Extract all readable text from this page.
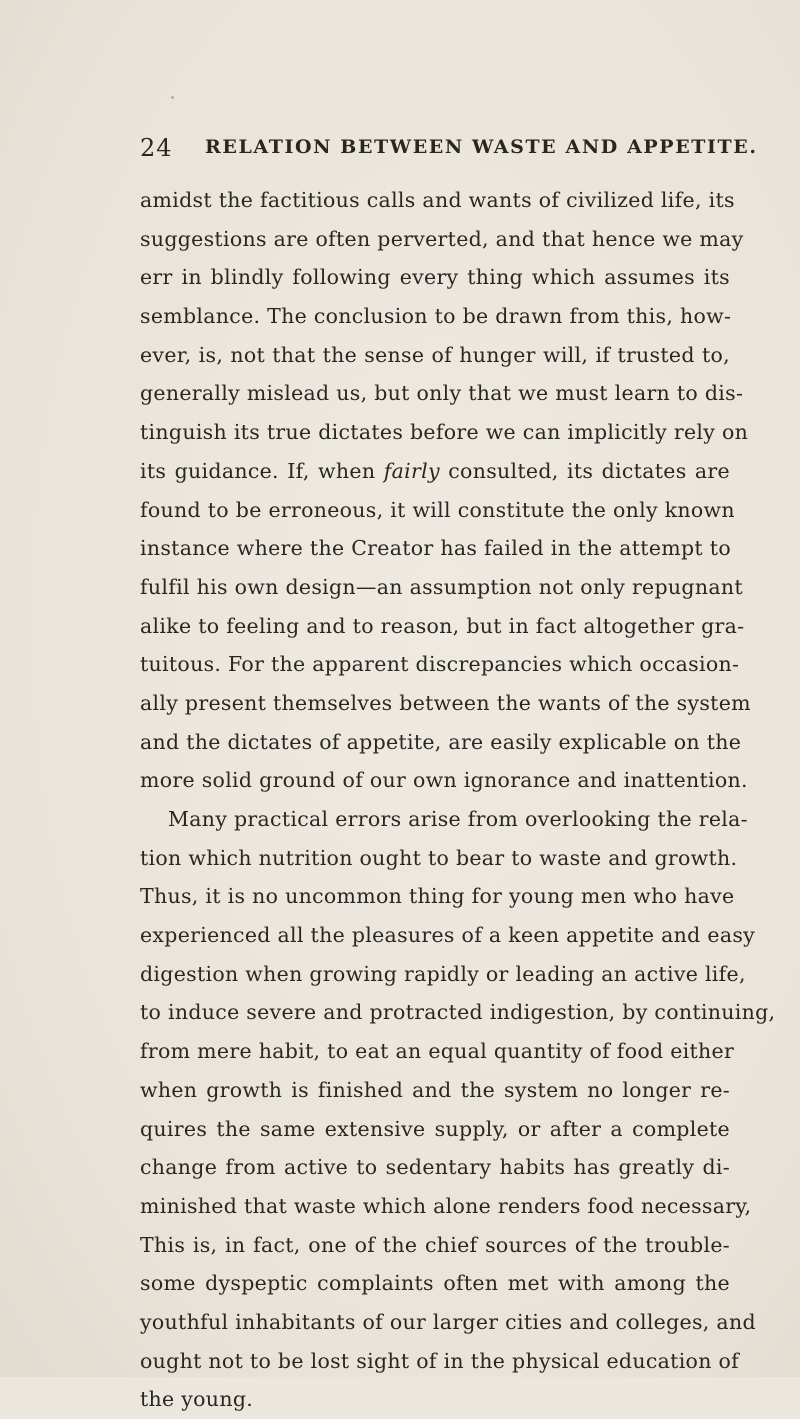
24 RELATION BETWEEN WASTE AND APPETITE.
amidst the factitious calls and wants of civilized life, its
suggestions are often perverted, and that hence we may
err in blindly following every thing which assumes its
semblance. The conclusion to be drawn from this, how-
ever, is, not that the sense of hunger will, if trusted to,
generally mislead us, but only that we must learn to dis-
tinguish its true dictates before we can implicitly rely on
its guidance. If, when fairly consulted, its dictates are
found to be erroneous, it will constitute the only known
instance where the Creator has failed in the attempt to
fulfil his own design—an assumption not only repugnant
alike to feeling and to reason, but in fact altogether gra-
tuitous. For the apparent discrepancies which occasion-
ally present themselves between the wants of the system
and the dictates of appetite, are easily explicable on the
more solid ground of our own ignorance and inattention.
Many practical errors arise from overlooking the rela-
tion which nutrition ought to bear to waste and growth.
Thus, it is no uncommon thing for young men who have
experienced all the pleasures of a keen appetite and easy
digestion when growing rapidly or leading an active life,
to induce severe and protracted indigestion, by continuing,
from mere habit, to eat an equal quantity of food either
when growth is finished and the system no longer re-
quires the same extensive supply, or after a complete
change from active to sedentary habits has greatly di-
minished that waste which alone renders food necessary,
This is, in fact, one of the chief sources of the trouble-
some dyspeptic complaints often met with among the
youthful inhabitants of our larger cities and colleges, and
ought not to be lost sight of in the physical education of
the young.
